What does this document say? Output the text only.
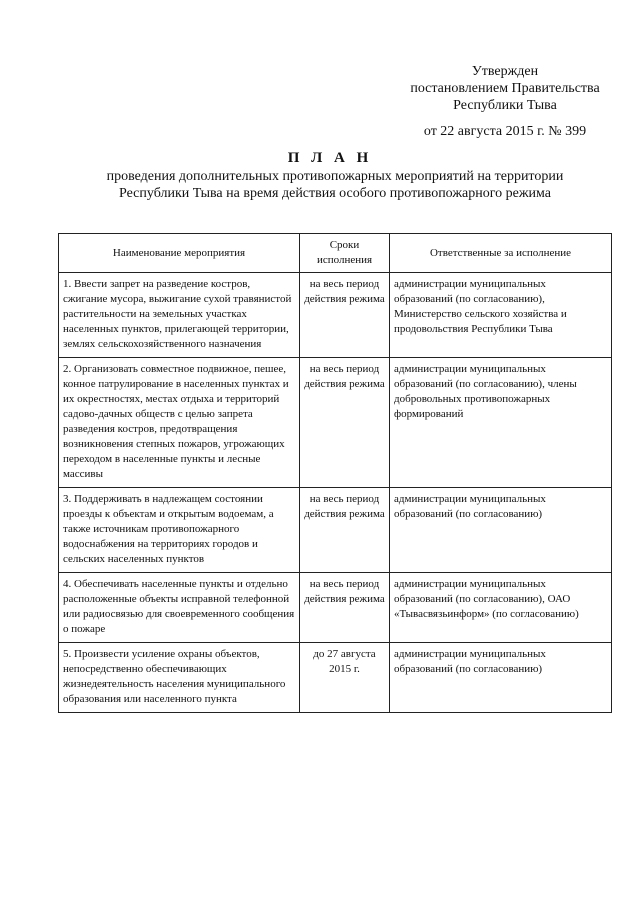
Утвержден
постановлением Правительства
Республики Тыва
от 22 августа 2015 г. № 399
П Л А Н
проведения дополнительных противопожарных мероприятий на территории Республики Тыва на время действия особого противопожарного режима
Наименование мероприятия	Сроки исполнения	Ответственные за исполнение
1. Ввести запрет на разведение костров, сжигание мусора, выжигание сухой травянистой растительности на земельных участках населенных пунктов, прилегающей территории, землях сельскохозяйственного назначения	на весь период действия режима	администрации муниципальных образований (по согласованию), Министерство сельского хозяйства и продовольствия Республики Тыва
2. Организовать совместное подвижное, пешее, конное патрулирование в населенных пунктах и их окрестностях, местах отдыха и территорий садово-дачных обществ с целью запрета разведения костров, предотвращения возникновения степных пожаров, угрожающих переходом в населенные пункты и лесные массивы	на весь период действия режима	администрации муниципальных образований (по согласованию), члены добровольных противопожарных формирований
3. Поддерживать в надлежащем состоянии проезды к объектам и открытым водоемам, а также источникам противопожарного водоснабжения на территориях городов и сельских населенных пунктов	на весь период действия режима	администрации муниципальных образований (по согласованию)
4. Обеспечивать населенные пункты и отдельно расположенные объекты исправной телефонной или радиосвязью для своевременного сообщения о пожаре	на весь период действия режима	администрации муниципальных образований (по согласованию), ОАО «Тывасвязьинформ» (по согласованию)
5. Произвести усиление охраны объектов, непосредственно обеспечивающих жизнедеятельность населения муниципального образования или населенного пункта	до 27 августа 2015 г.	администрации муниципальных образований (по согласованию)
